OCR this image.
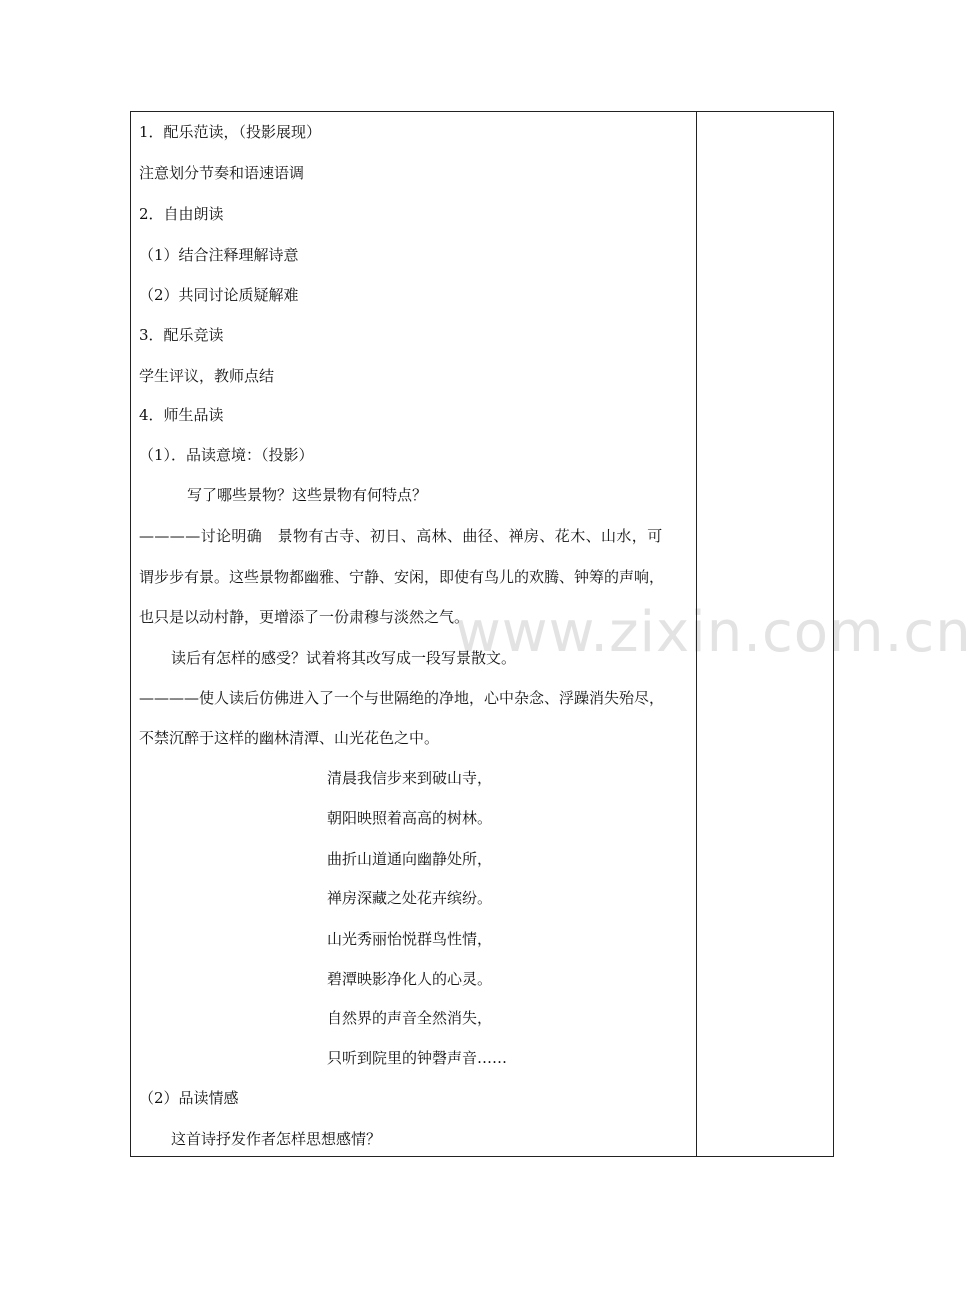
www.zixin.com.cn
1．配乐范读，（投影展现）
注意划分节奏和语速语调
2．自由朗读
（1）结合注释理解诗意
（2）共同讨论质疑解难
3．配乐竞读
学生评议，教师点结
4．师生品读
（1）．品读意境：（投影）
写了哪些景物？这些景物有何特点？
————讨论明确　景物有古寺、初日、高林、曲径、禅房、花木、山水，可
谓步步有景。这些景物都幽雅、宁静、安闲，即使有鸟儿的欢腾、钟筹的声响，
也只是以动村静，更增添了一份肃穆与淡然之气。
读后有怎样的感受？试着将其改写成一段写景散文。
————使人读后仿佛进入了一个与世隔绝的净地，心中杂念、浮躁消失殆尽，
不禁沉醉于这样的幽林清潭、山光花色之中。
清晨我信步来到破山寺，
朝阳映照着高高的树林。
曲折山道通向幽静处所，
禅房深藏之处花卉缤纷。
山光秀丽怡悦群鸟性情，
碧潭映影净化人的心灵。
自然界的声音全然消失，
只听到院里的钟磬声音……
（2）品读情感
这首诗抒发作者怎样思想感情？
